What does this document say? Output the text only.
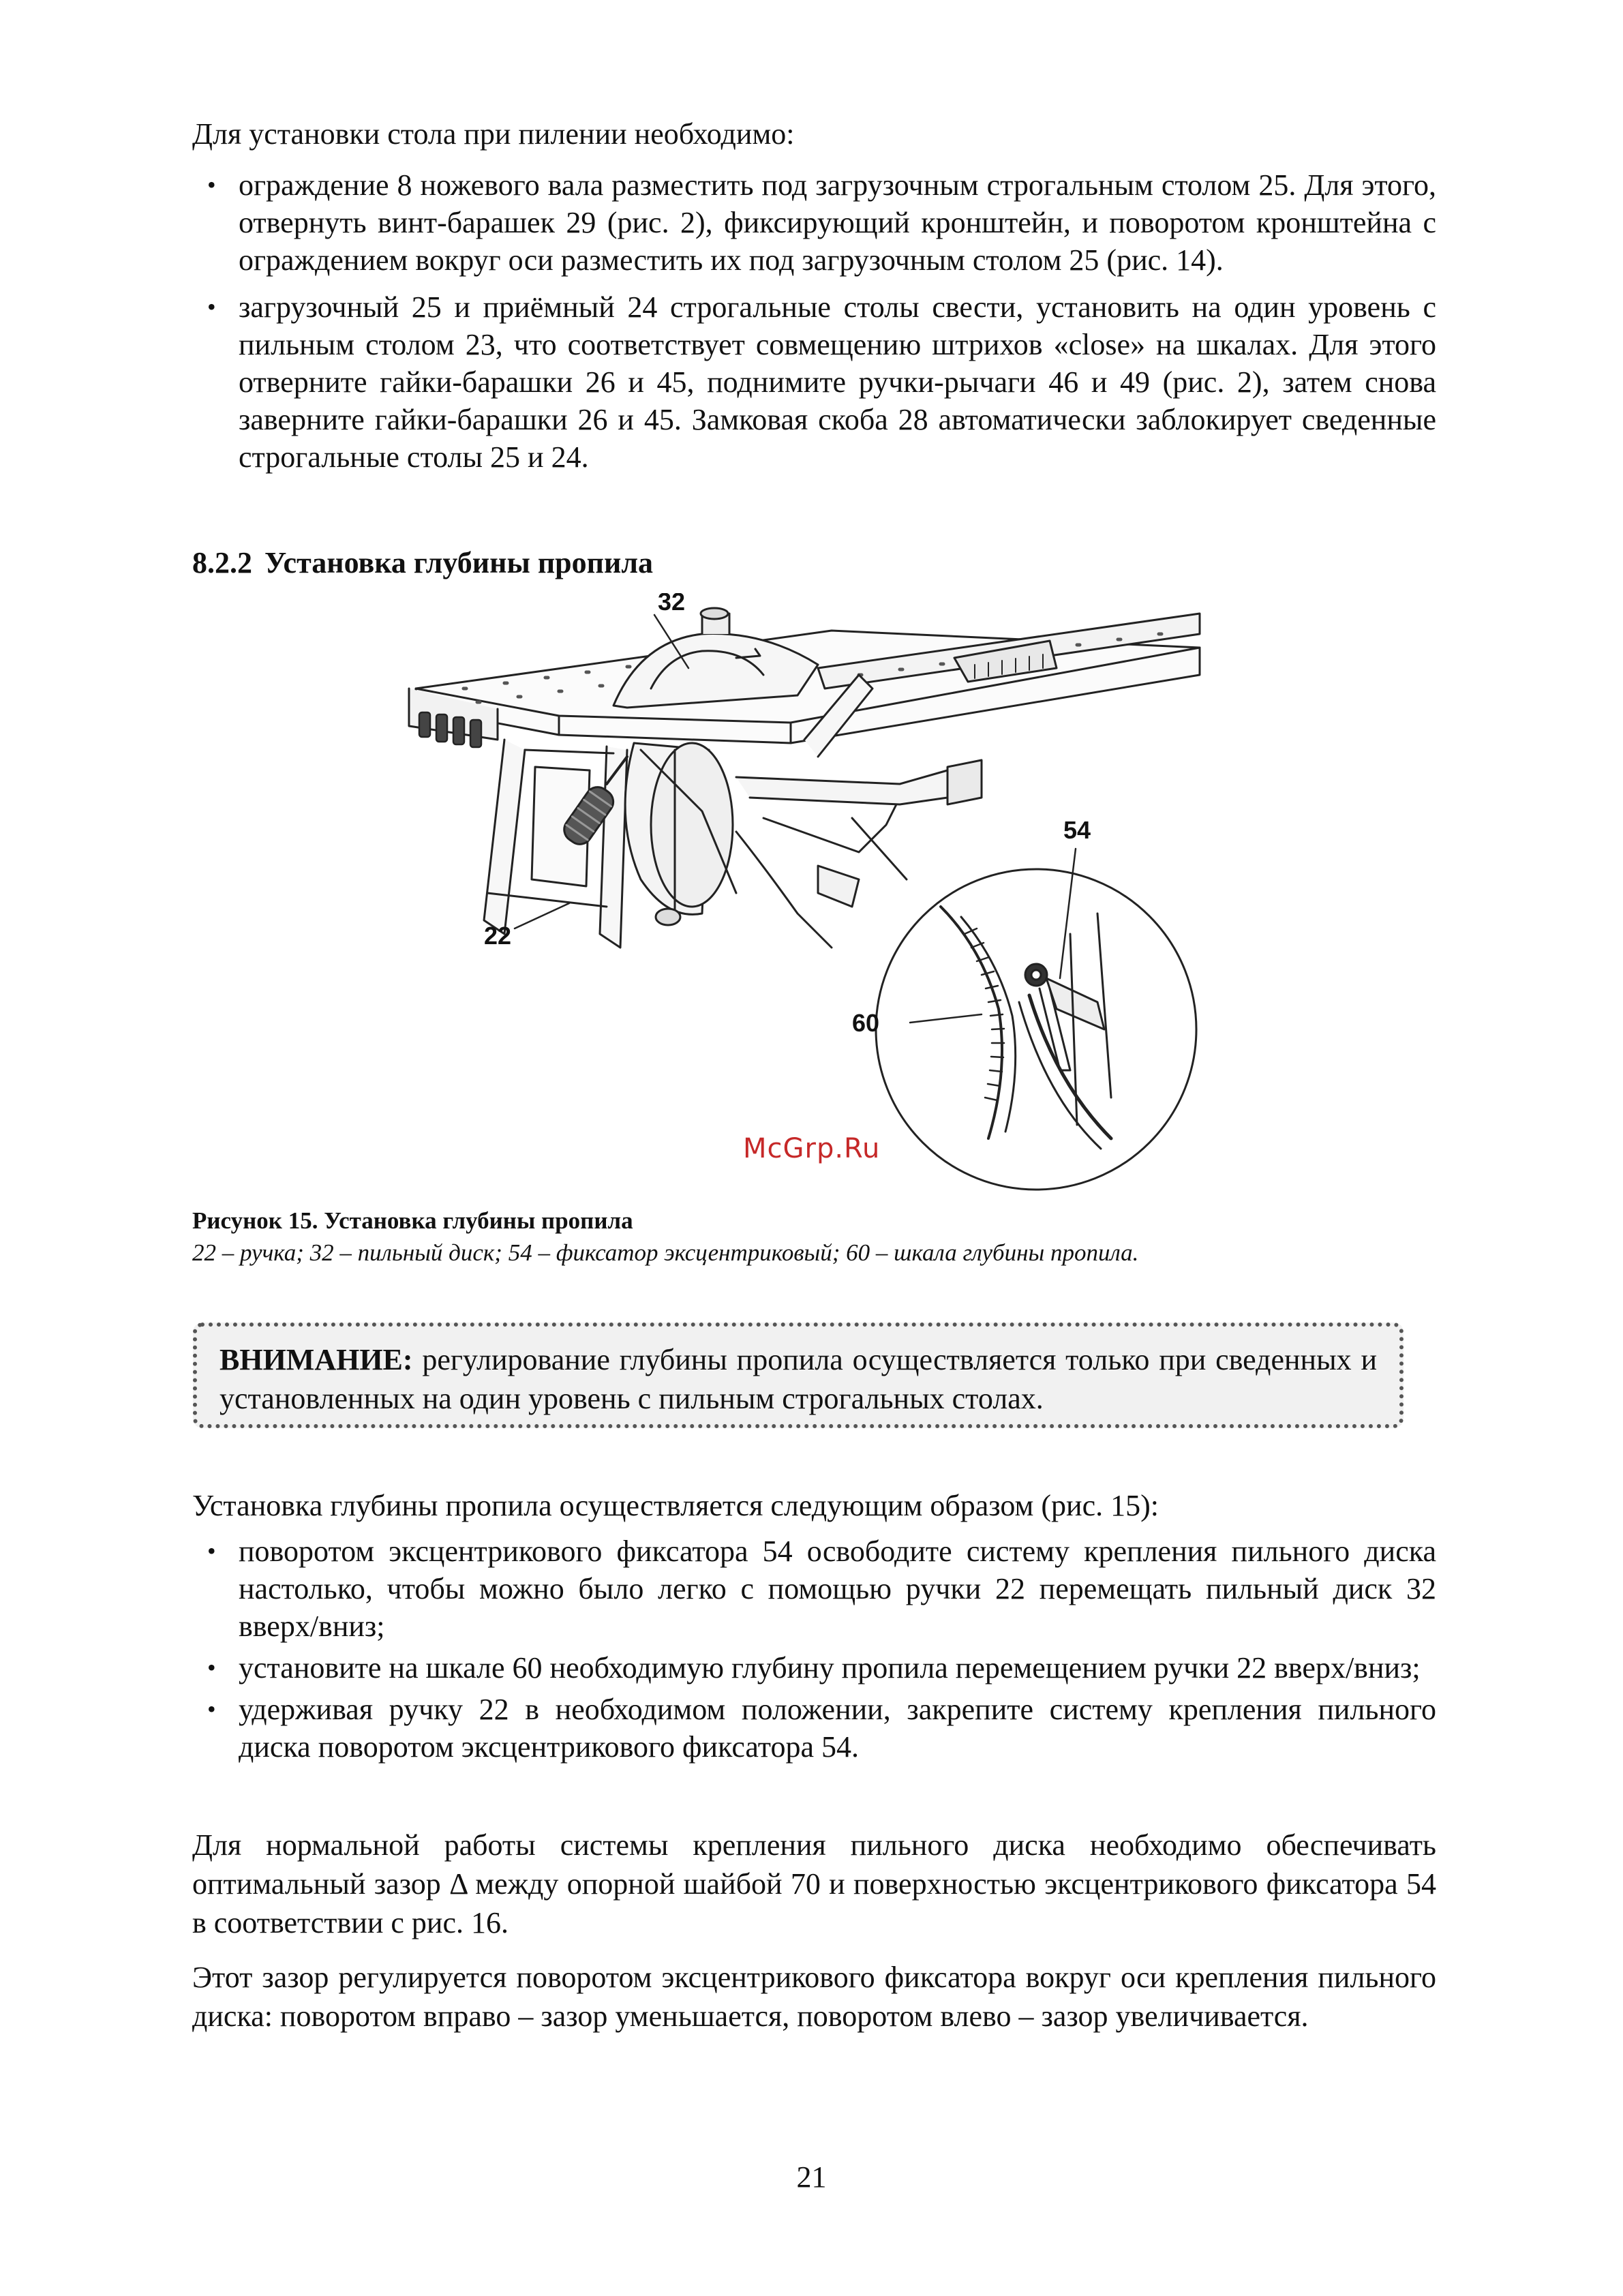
Для установки стола при пилении необходимо:

• ограждение 8 ножевого вала разместить под загрузочным строгальным столом 25. Для этого, отвернуть винт-барашек 29 (рис. 2), фиксирующий кронштейн, и поворотом кронштейна с ограждением вокруг оси разместить их под загрузочным столом 25 (рис. 14).
• загрузочный 25 и приёмный 24 строгальные столы свести, установить на один уровень с пильным столом 23, что соответствует совмещению штрихов «close» на шкалах. Для этого отверните гайки-барашки 26 и 45, поднимите ручки-рычаги 46 и 49 (рис. 2), затем снова заверните гайки-барашки 26 и 45. Замковая скоба 28 автоматически заблокирует сведенные строгальные столы 25 и 24.
8.2.2 Установка глубины пропила
32
54
22
60
McGrp.Ru

Рисунок 15. Установка глубины пропила

22 – ручка; 32 – пильный диск; 54 – фиксатор эксцентриковый; 60 – шкала глубины пропила.

ВНИМАНИЕ: регулирование глубины пропила осуществляется только при сведенных и установленных на один уровень с пильным строгальных столах.

Установка глубины пропила осуществляется следующим образом (рис. 15):

• поворотом эксцентрикового фиксатора 54 освободите систему крепления пильного диска настолько, чтобы можно было легко с помощью ручки 22 перемещать пильный диск 32 вверх/вниз;
• установите на шкале 60 необходимую глубину пропила перемещением ручки 22 вверх/вниз;
• удерживая ручку 22 в необходимом положении, закрепите систему крепления пильного диска поворотом эксцентрикового фиксатора 54.

Для нормальной работы системы крепления пильного диска необходимо обеспечивать оптимальный зазор Δ между опорной шайбой 70 и поверхностью эксцентрикового фиксатора 54 в соответствии с рис. 16.

Этот зазор регулируется поворотом эксцентрикового фиксатора вокруг оси крепления пильного диска: поворотом вправо – зазор уменьшается, поворотом влево – зазор увеличивается.

21
